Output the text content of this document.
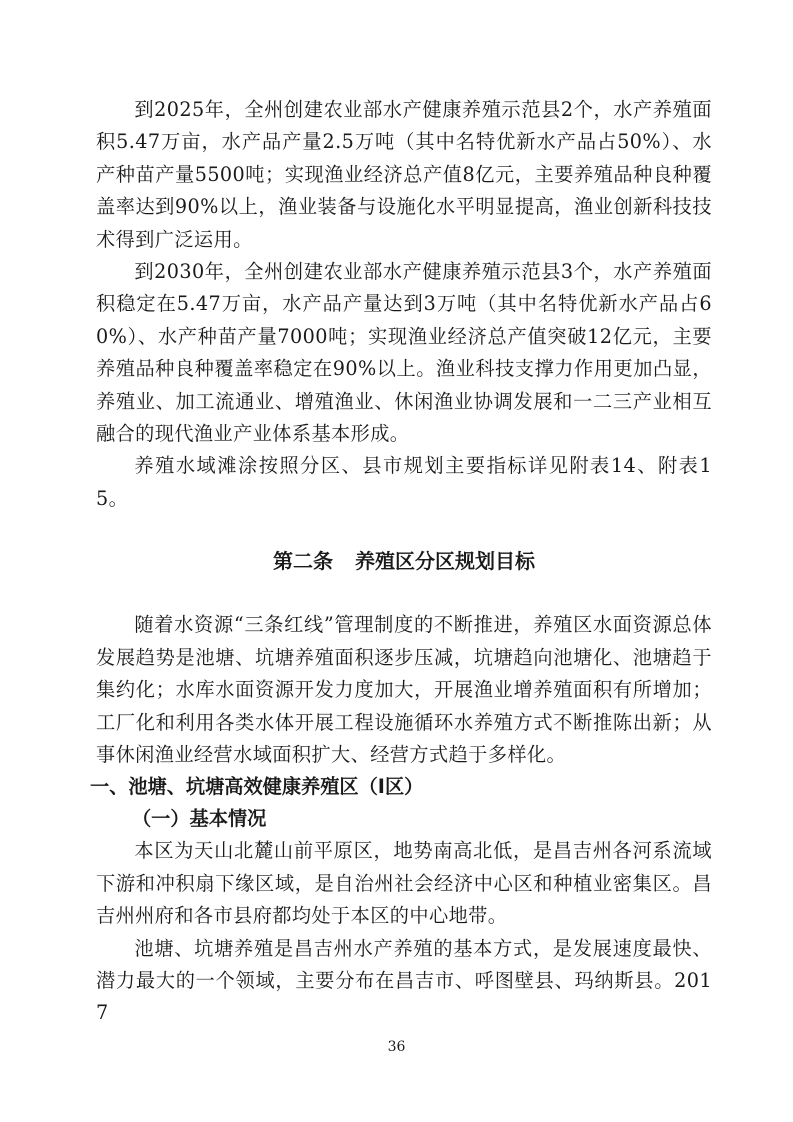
到2025年，全州创建农业部水产健康养殖示范县2个，水产养殖面积5.47万亩，水产品产量2.5万吨（其中名特优新水产品占50%）、水产种苗产量5500吨；实现渔业经济总产值8亿元，主要养殖品种良种覆盖率达到90%以上，渔业装备与设施化水平明显提高，渔业创新科技技术得到广泛运用。

到2030年，全州创建农业部水产健康养殖示范县3个，水产养殖面积稳定在5.47万亩，水产品产量达到3万吨（其中名特优新水产品占60%）、水产种苗产量7000吨；实现渔业经济总产值突破12亿元，主要养殖品种良种覆盖率稳定在90%以上。渔业科技支撑力作用更加凸显，养殖业、加工流通业、增殖渔业、休闲渔业协调发展和一二三产业相互融合的现代渔业产业体系基本形成。

养殖水域滩涂按照分区、县市规划主要指标详见附表14、附表15。

第二条 养殖区分区规划目标

随着水资源“三条红线”管理制度的不断推进，养殖区水面资源总体发展趋势是池塘、坑塘养殖面积逐步压减，坑塘趋向池塘化、池塘趋于集约化；水库水面资源开发力度加大，开展渔业增养殖面积有所增加；工厂化和利用各类水体开展工程设施循环水养殖方式不断推陈出新；从事休闲渔业经营水域面积扩大、经营方式趋于多样化。

一、池塘、坑塘高效健康养殖区（Ⅰ区）

（一）基本情况

本区为天山北麓山前平原区，地势南高北低，是昌吉州各河系流域下游和冲积扇下缘区域，是自治州社会经济中心区和种植业密集区。昌吉州州府和各市县府都均处于本区的中心地带。

池塘、坑塘养殖是昌吉州水产养殖的基本方式，是发展速度最快、潜力最大的一个领域，主要分布在昌吉市、呼图壁县、玛纳斯县。2017

36
